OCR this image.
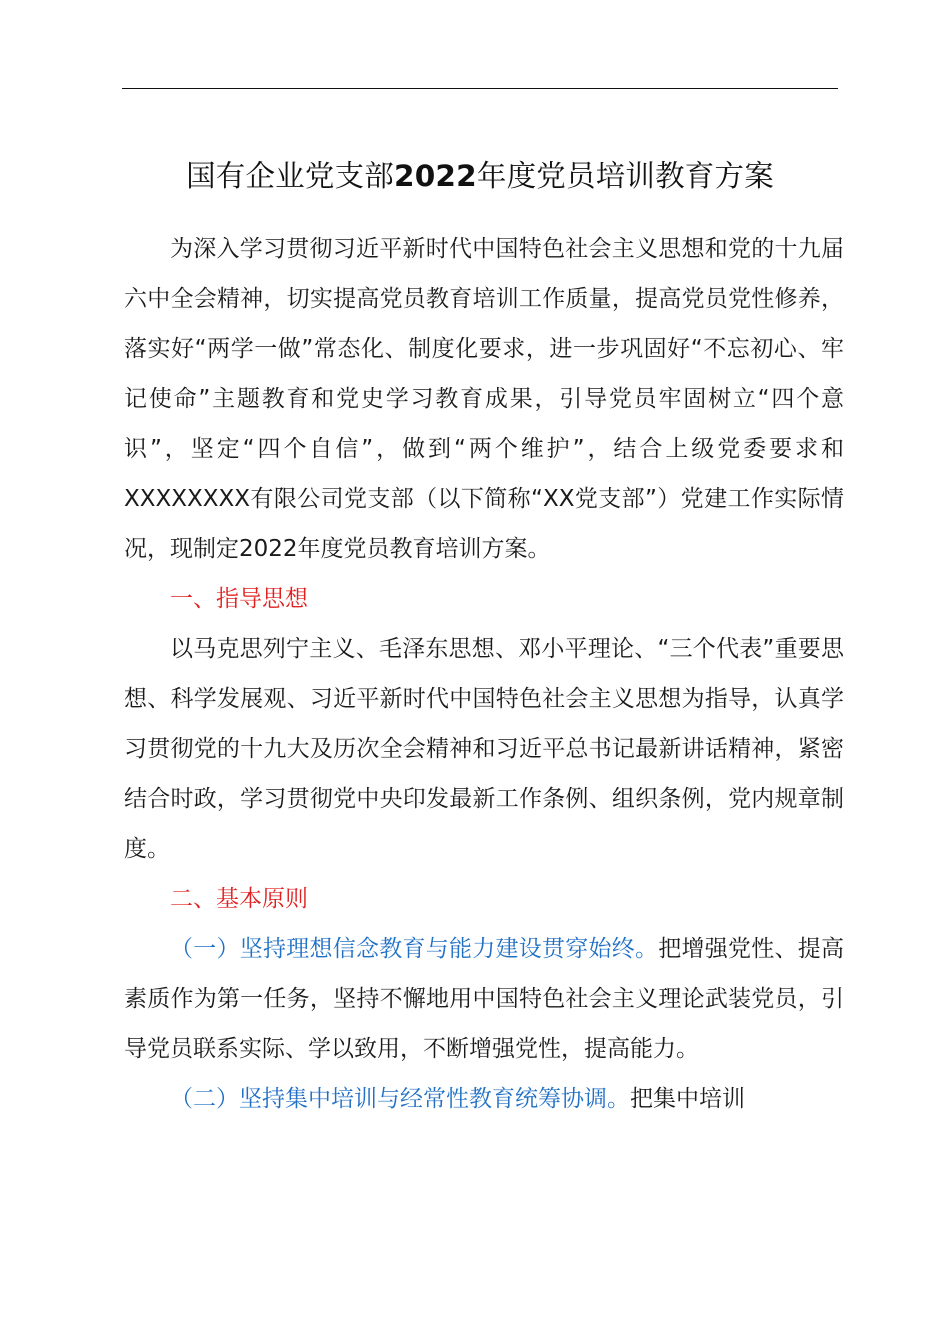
国有企业党支部2022年度党员培训教育方案

为深入学习贯彻习近平新时代中国特色社会主义思想和党的十九届六中全会精神，切实提高党员教育培训工作质量，提高党员党性修养，落实好“两学一做”常态化、制度化要求，进一步巩固好“不忘初心、牢记使命”主题教育和党史学习教育成果，引导党员牢固树立“四个意识”，坚定“四个自信”，做到“两个维护”，结合上级党委要求和XXXXXXXX有限公司党支部（以下简称“XX党支部”）党建工作实际情况，现制定2022年度党员教育培训方案。

一、指导思想

以马克思列宁主义、毛泽东思想、邓小平理论、“三个代表”重要思想、科学发展观、习近平新时代中国特色社会主义思想为指导，认真学习贯彻党的十九大及历次全会精神和习近平总书记最新讲话精神，紧密结合时政，学习贯彻党中央印发最新工作条例、组织条例，党内规章制度。

二、基本原则

（一）坚持理想信念教育与能力建设贯穿始终。把增强党性、提高素质作为第一任务，坚持不懈地用中国特色社会主义理论武装党员，引导党员联系实际、学以致用，不断增强党性，提高能力。

（二）坚持集中培训与经常性教育统筹协调。把集中培训
